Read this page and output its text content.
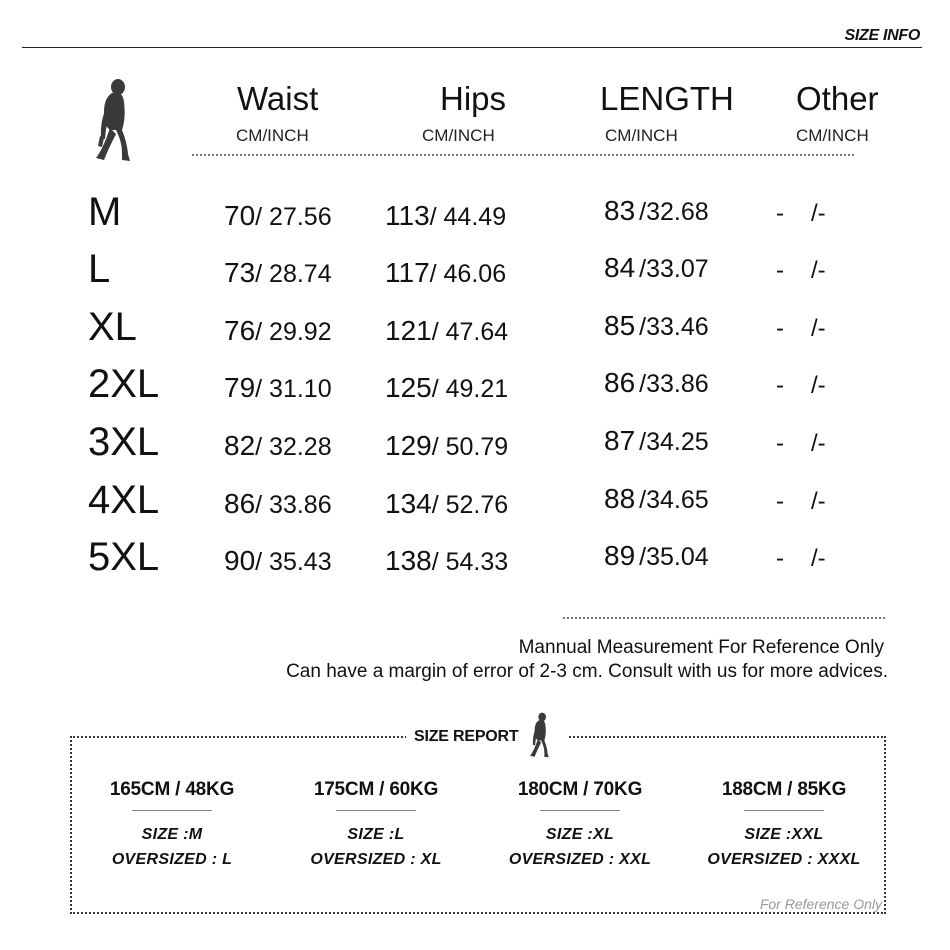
SIZE INFO
Waist
CM/INCH
Hips
CM/INCH
LENGTH
CM/INCH
Other
CM/INCH
M	70/ 27.56 113/ 44.49	83 /32.68	- /-
L	73/ 28.74 117/ 46.06	84 /33.07	- /-
XL	76/ 29.92 121/ 47.64	85 /33.46	- /-
2XL 79/ 31.10 125/ 49.21	86 /33.86	- /-
3XL 82/ 32.28 129/ 50.79	87 /34.25	- /-
4XL 86/ 33.86 134/ 52.76	88 /34.65	- /-
5XL 90/ 35.43 138/ 54.33	89 /35.04	- /-
Mannual Measurement For Reference Only
Can have a margin of error of 2-3 cm. Consult with us for more advices.
SIZE REPORT
165CM / 48KG
SIZE :M
OVERSIZED : L
175CM / 60KG
SIZE :L
OVERSIZED : XL
180CM / 70KG
SIZE :XL
OVERSIZED : XXL
188CM / 85KG
SIZE :XXL
OVERSIZED : XXXL
For Reference Only
